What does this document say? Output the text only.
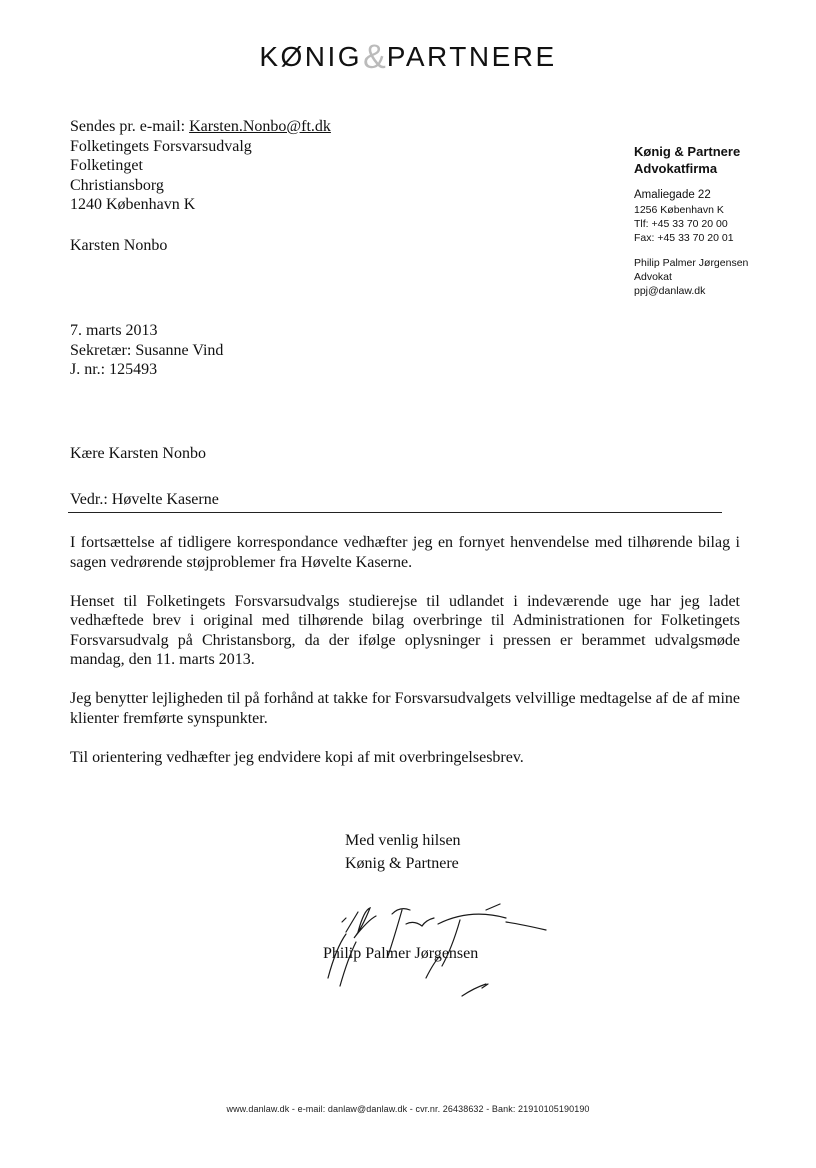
KØNIG&PARTNERE
Sendes pr. e-mail: Karsten.Nonbo@ft.dk
Folketingets Forsvarsudvalg
Folketinget
Christiansborg
1240 København K
Karsten Nonbo
Kønig & Partnere
Advokatfirma
Amaliegade 22
1256 København K
Tlf: +45 33 70 20 00
Fax: +45 33 70 20 01
Philip Palmer Jørgensen
Advokat
ppj@danlaw.dk
7. marts 2013
Sekretær: Susanne Vind
J. nr.: 125493
Kære Karsten Nonbo
Vedr.: Høvelte Kaserne

I fortsættelse af tidligere korrespondance vedhæfter jeg en fornyet henvendelse med tilhørende bilag i sagen vedrørende støjproblemer fra Høvelte Kaserne.

Henset til Folketingets Forsvarsudvalgs studierejse til udlandet i indeværende uge har jeg ladet vedhæftede brev i original med tilhørende bilag overbringe til Administrationen for Folketingets Forsvarsudvalg på Christansborg, da der ifølge oplysninger i pressen er berammet udvalgsmøde mandag, den 11. marts 2013.

Jeg benytter lejligheden til på forhånd at takke for Forsvarsudvalgets velvillige medtagelse af de af mine klienter fremførte synspunkter.

Til orientering vedhæfter jeg endvidere kopi af mit overbringelsesbrev.

Med venlig hilsen
Kønig & Partnere
Philip Palmer Jørgensen
www.danlaw.dk - e-mail: danlaw@danlaw.dk - cvr.nr. 26438632 - Bank: 21910105190190
